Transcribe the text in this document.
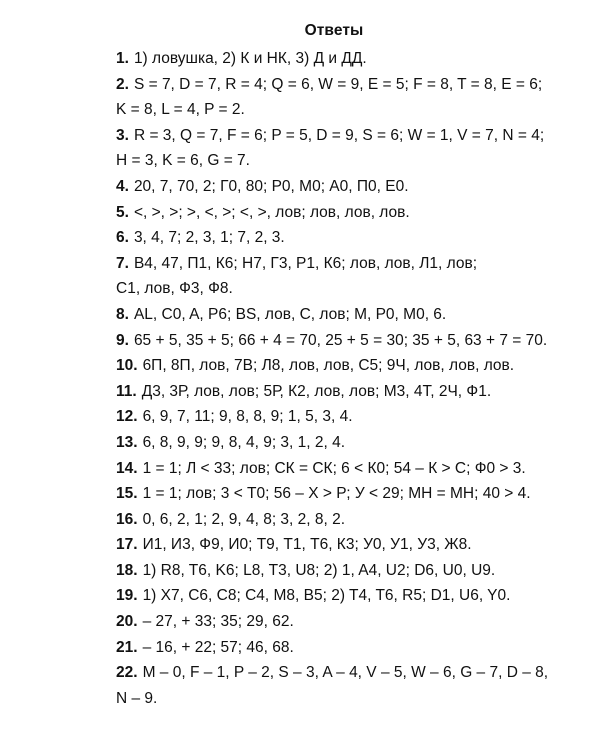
Ответы

1. 1) ловушка, 2) К и НК, 3) Д и ДД.

2. S = 7, D = 7, R = 4; Q = 6, W = 9, E = 5; F = 8, T = 8, E = 6;

K = 8, L = 4, P = 2.

3. R = 3, Q = 7, F = 6; P = 5, D = 9, S = 6; W = 1, V = 7, N = 4;

H = 3, K = 6, G = 7.

4. 20, 7, 70, 2; Г0, 80; Р0, М0; А0, П0, Е0.

5. <, >, >; >, <, >; <, >, лов; лов, лов, лов.

6. 3, 4, 7; 2, 3, 1; 7, 2, 3.

7. В4, 47, П1, К6; Н7, Г3, Р1, К6; лов, лов, Л1, лов;

С1, лов, Ф3, Ф8.

8. AL, C0, A, P6; BS, лов, C, лов; M, P0, M0, 6.

9. 65 + 5, 35 + 5; 66 + 4 = 70, 25 + 5 = 30; 35 + 5, 63 + 7 = 70.

10. 6П, 8П, лов, 7В; Л8, лов, лов, С5; 9Ч, лов, лов, лов.

11. Д3, 3Р, лов, лов; 5Р, К2, лов, лов; М3, 4Т, 2Ч, Ф1.

12. 6, 9, 7, 11; 9, 8, 8, 9; 1, 5, 3, 4.

13. 6, 8, 9, 9; 9, 8, 4, 9; 3, 1, 2, 4.

14. 1 = 1; Л < 33; лов; СК = СК; 6 < К0; 54 – К > С; Ф0 > 3.

15. 1 = 1; лов; 3 < Т0; 56 – Х > Р; У < 29; МН = МН; 40 > 4.

16. 0, 6, 2, 1; 2, 9, 4, 8; 3, 2, 8, 2.

17. И1, И3, Ф9, И0; Т9, Т1, Т6, К3; У0, У1, У3, Ж8.

18. 1) R8, T6, K6; L8, T3, U8; 2) 1, A4, U2; D6, U0, U9.

19. 1) X7, C6, C8; C4, M8, B5; 2) T4, T6, R5; D1, U6, Y0.

20. – 27, + 33; 35; 29, 62.

21. – 16, + 22; 57; 46, 68.

22. M – 0, F – 1, P – 2, S – 3, A – 4, V – 5, W – 6, G – 7, D – 8,

N – 9.
